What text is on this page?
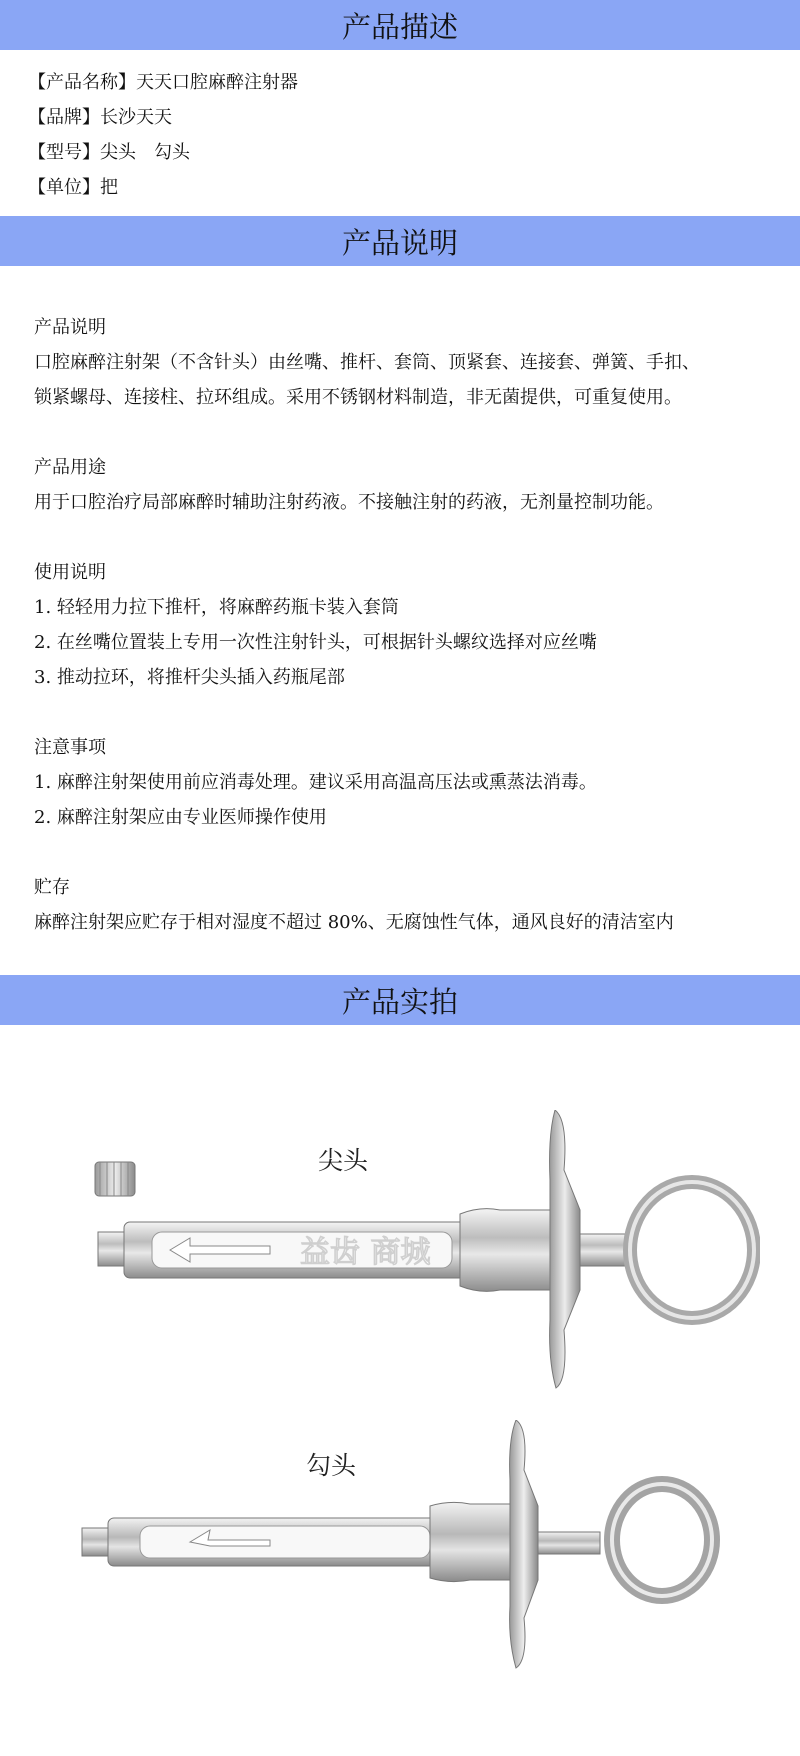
产品描述
【产品名称】天天口腔麻醉注射器
【品牌】长沙天天
【型号】尖头　勾头
【单位】把
产品说明
产品说明
口腔麻醉注射架（不含针头）由丝嘴、推杆、套筒、顶紧套、连接套、弹簧、手扣、
锁紧螺母、连接柱、拉环组成。采用不锈钢材料制造，非无菌提供，可重复使用。
产品用途
用于口腔治疗局部麻醉时辅助注射药液。不接触注射的药液，无剂量控制功能。
使用说明
1. 轻轻用力拉下推杆，将麻醉药瓶卡装入套筒
2. 在丝嘴位置装上专用一次性注射针头，可根据针头螺纹选择对应丝嘴
3. 推动拉环，将推杆尖头插入药瓶尾部
注意事项
1. 麻醉注射架使用前应消毒处理。建议采用高温高压法或熏蒸法消毒。
2. 麻醉注射架应由专业医师操作使用
贮存
麻醉注射架应贮存于相对湿度不超过 80%、无腐蚀性气体，通风良好的清洁室内
产品实拍
尖头
益齿 商城
勾头
